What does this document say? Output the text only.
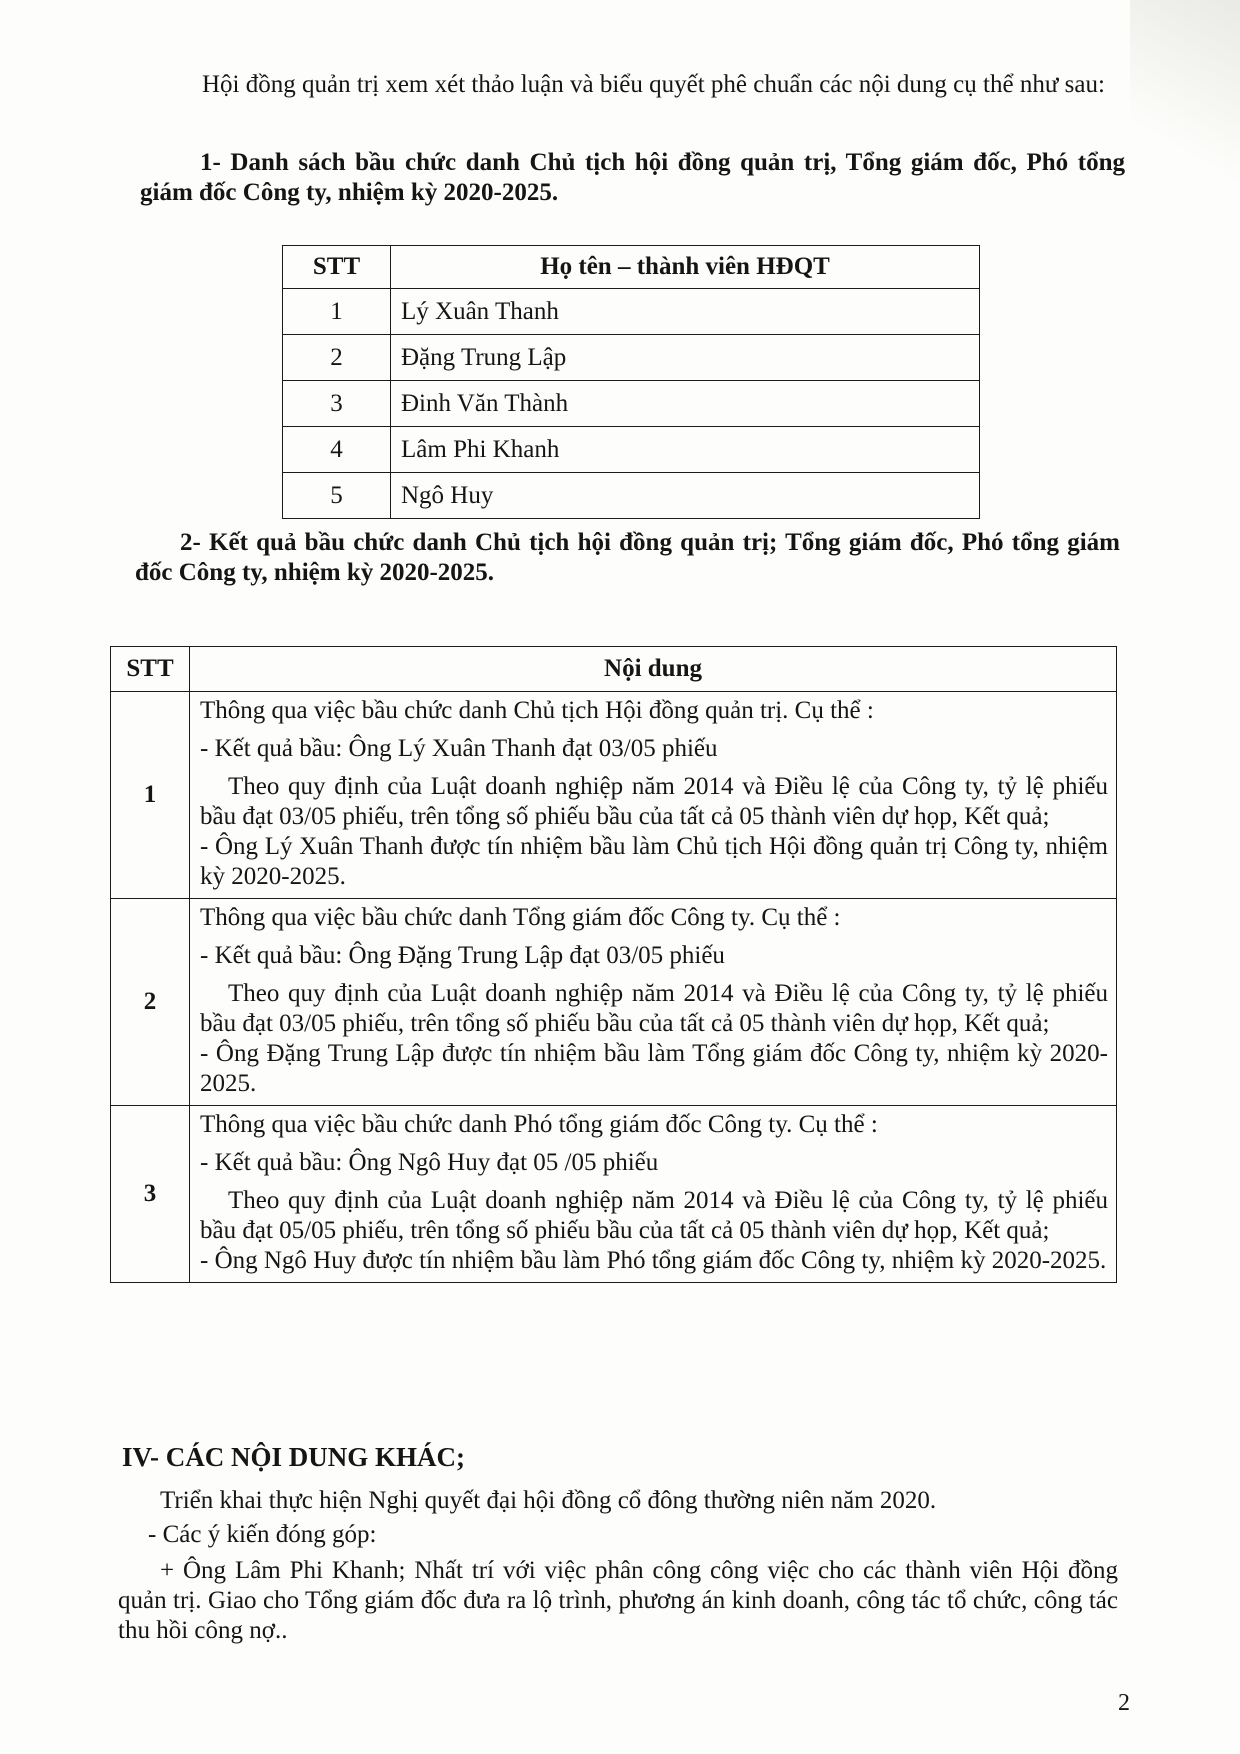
Hội đồng quản trị xem xét thảo luận và biểu quyết phê chuẩn các nội dung cụ thể như sau:

1- Danh sách bầu chức danh Chủ tịch hội đồng quản trị, Tổng giám đốc, Phó tổng giám đốc Công ty, nhiệm kỳ 2020-2025.

STT	Họ tên – thành viên HĐQT
1	Lý Xuân Thanh
2	Đặng Trung Lập
3	Đinh Văn Thành
4	Lâm Phi Khanh
5	Ngô Huy

2- Kết quả bầu chức danh Chủ tịch hội đồng quản trị; Tổng giám đốc, Phó tổng giám đốc Công ty, nhiệm kỳ 2020-2025.

STT	Nội dung
1	Thông qua việc bầu chức danh Chủ tịch Hội đồng quản trị. Cụ thể :

- Kết quả bầu: Ông Lý Xuân Thanh đạt 03/05 phiếu

Theo quy định của Luật doanh nghiệp năm 2014 và Điều lệ của Công ty, tỷ lệ phiếu bầu đạt 03/05 phiếu, trên tổng số phiếu bầu của tất cả 05 thành viên dự họp, Kết quả;

- Ông Lý Xuân Thanh được tín nhiệm bầu làm Chủ tịch Hội đồng quản trị Công ty, nhiệm kỳ 2020-2025.

2	Thông qua việc bầu chức danh Tổng giám đốc Công ty. Cụ thể :

- Kết quả bầu: Ông Đặng Trung Lập đạt 03/05 phiếu

Theo quy định của Luật doanh nghiệp năm 2014 và Điều lệ của Công ty, tỷ lệ phiếu bầu đạt 03/05 phiếu, trên tổng số phiếu bầu của tất cả 05 thành viên dự họp, Kết quả;

- Ông Đặng Trung Lập được tín nhiệm bầu làm Tổng giám đốc Công ty, nhiệm kỳ 2020-2025.

3	Thông qua việc bầu chức danh Phó tổng giám đốc Công ty. Cụ thể :

- Kết quả bầu: Ông Ngô Huy đạt 05 /05 phiếu

Theo quy định của Luật doanh nghiệp năm 2014 và Điều lệ của Công ty, tỷ lệ phiếu bầu đạt 05/05 phiếu, trên tổng số phiếu bầu của tất cả 05 thành viên dự họp, Kết quả;

- Ông Ngô Huy được tín nhiệm bầu làm Phó tổng giám đốc Công ty, nhiệm kỳ 2020-2025.

IV- CÁC NỘI DUNG KHÁC;

Triển khai thực hiện Nghị quyết đại hội đồng cổ đông thường niên năm 2020.

- Các ý kiến đóng góp:

+ Ông Lâm Phi Khanh; Nhất trí với việc phân công công việc cho các thành viên Hội đồng quản trị. Giao cho Tổng giám đốc đưa ra lộ trình, phương án kinh doanh, công tác tổ chức, công tác thu hồi công nợ..

2
